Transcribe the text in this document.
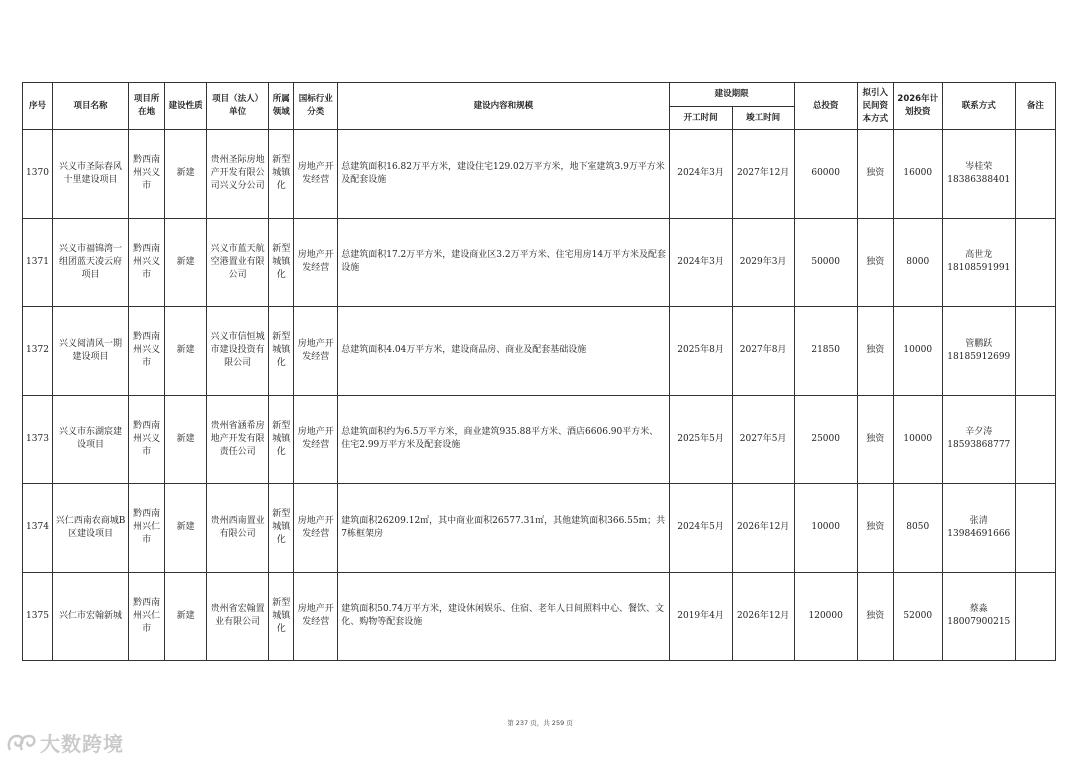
序号	项目名称	项目所在地	建设性质	项目（法人）单位	所属领域	国标行业分类	建设内容和规模	建设期限		总投资	拟引入民间资本方式	2026年计划投资	联系方式	备注
								开工时间	竣工时间					
1370	兴义市圣际春风十里建设项目	黔西南州兴义市	新建	贵州圣际房地产开发有限公司兴义分公司	新型城镇化	房地产开发经营	总建筑面积16.82万平方米，建设住宅129.02万平方米，地下室建筑3.9万平方米及配套设施	2024年3月	2027年12月	60000	独资	16000	岑桂荣
18386388401	

1371	兴义市福锦湾一组团蓝天凌云府项目	黔西南州兴义市	新建	兴义市蓝天航空港置业有限公司	新型城镇化	房地产开发经营	总建筑面积17.2万平方米，建设商业区3.2万平方米、住宅用房14万平方米及配套设施	2024年3月	2029年3月	50000	独资	8000	高世龙
18108591991	

1372	兴义阅清风一期建设项目	黔西南州兴义市	新建	兴义市信恒城市建设投资有限公司	新型城镇化	房地产开发经营	总建筑面积4.04万平方米，建设商品房、商业及配套基础设施	2025年8月	2027年8月	21850	独资	10000	管鹏跃
18185912699	

1373	兴义市东湖宸建设项目	黔西南州兴义市	新建	贵州省涵希房地产开发有限责任公司	新型城镇化	房地产开发经营	总建筑面积约为6.5万平方米，商业建筑935.88平方米、酒店6606.90平方米、住宅2.99万平方米及配套设施	2025年5月	2027年5月	25000	独资	10000	辛夕涛
18593868777	

1374	兴仁西南农商城B区建设项目	黔西南州兴仁市	新建	贵州西南置业有限公司	新型城镇化	房地产开发经营	建筑面积26209.12㎡，其中商业面积26577.31㎡，其他建筑面积366.55m；共7栋框架房	2024年5月	2026年12月	10000	独资	8050	张清
13984691666	

1375	兴仁市宏翰新城	黔西南州兴仁市	新建	贵州省宏翰置业有限公司	新型城镇化	房地产开发经营	建筑面积50.74万平方米，建设休闲娱乐、住宿、老年人日间照料中心、餐饮、文化、购物等配套设施	2019年4月	2026年12月	120000	独资	52000	蔡淼
18007900215	

第 237 页，共 259 页
大数跨境
